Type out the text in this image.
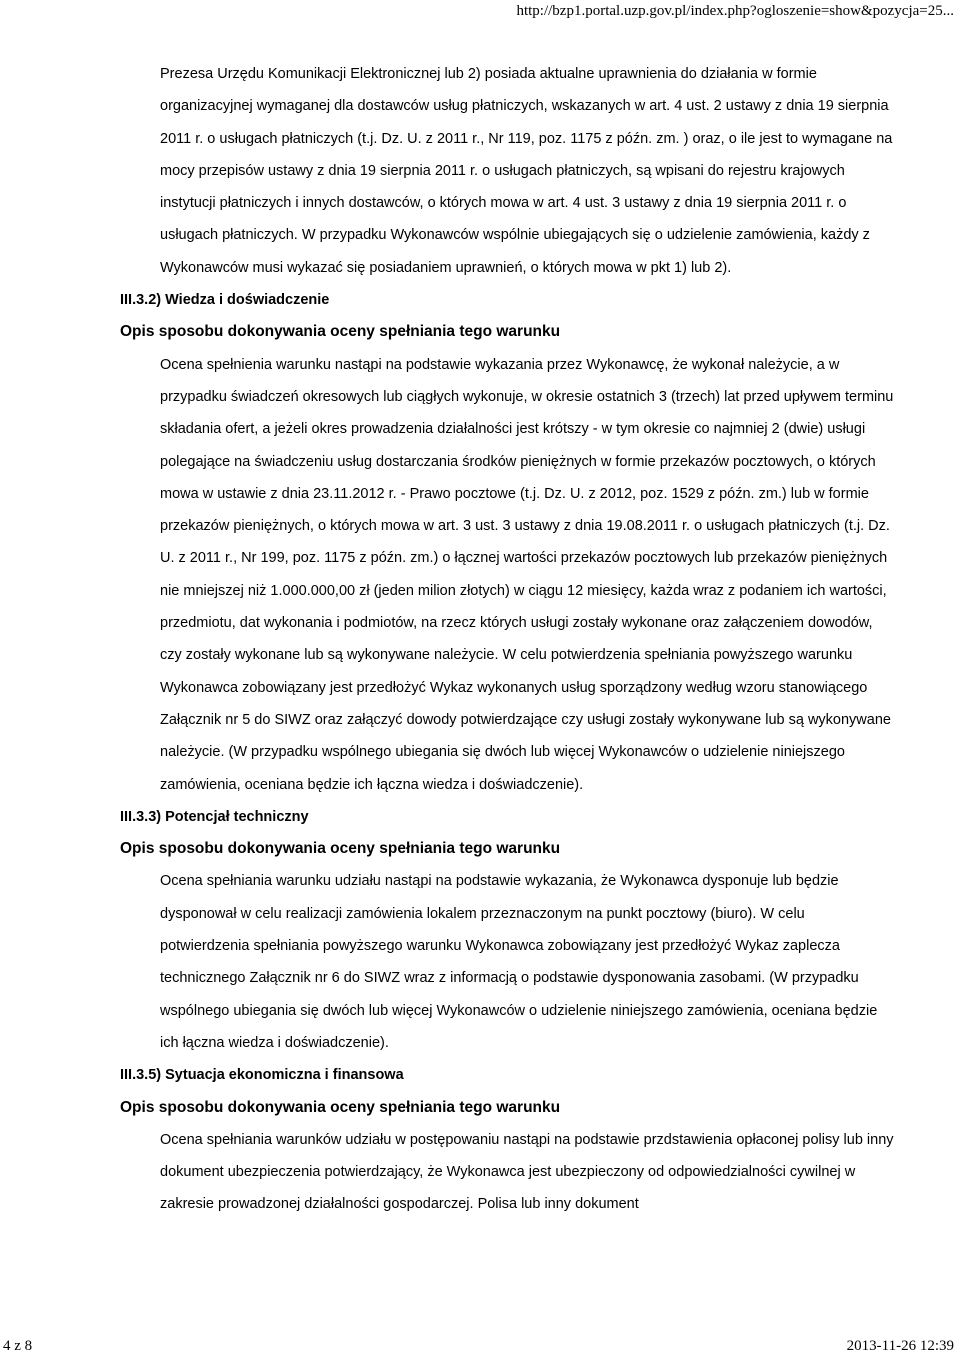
http://bzp1.portal.uzp.gov.pl/index.php?ogloszenie=show&pozycja=25...

Prezesa Urzędu Komunikacji Elektronicznej lub 2) posiada aktualne uprawnienia do działania w formie organizacyjnej wymaganej dla dostawców usług płatniczych, wskazanych w art. 4 ust. 2 ustawy z dnia 19 sierpnia 2011 r. o usługach płatniczych (t.j. Dz. U. z 2011 r., Nr 119, poz. 1175 z późn. zm. ) oraz, o ile jest to wymagane na mocy przepisów ustawy z dnia 19 sierpnia 2011 r. o usługach płatniczych, są wpisani do rejestru krajowych instytucji płatniczych i innych dostawców, o których mowa w art. 4 ust. 3 ustawy z dnia 19 sierpnia 2011 r. o usługach płatniczych. W przypadku Wykonawców wspólnie ubiegających się o udzielenie zamówienia, każdy z Wykonawców musi wykazać się posiadaniem uprawnień, o których mowa w pkt 1) lub 2).

III.3.2) Wiedza i doświadczenie
Opis sposobu dokonywania oceny spełniania tego warunku

Ocena spełnienia warunku nastąpi na podstawie wykazania przez Wykonawcę, że wykonał należycie, a w przypadku świadczeń okresowych lub ciągłych wykonuje, w okresie ostatnich 3 (trzech) lat przed upływem terminu składania ofert, a jeżeli okres prowadzenia działalności jest krótszy - w tym okresie co najmniej 2 (dwie) usługi polegające na świadczeniu usług dostarczania środków pieniężnych w formie przekazów pocztowych, o których mowa w ustawie z dnia 23.11.2012 r. - Prawo pocztowe (t.j. Dz. U. z 2012, poz. 1529 z późn. zm.) lub w formie przekazów pieniężnych, o których mowa w art. 3 ust. 3 ustawy z dnia 19.08.2011 r. o usługach płatniczych (t.j. Dz. U. z 2011 r., Nr 199, poz. 1175 z późn. zm.) o łącznej wartości przekazów pocztowych lub przekazów pieniężnych nie mniejszej niż 1.000.000,00 zł (jeden milion złotych) w ciągu 12 miesięcy, każda wraz z podaniem ich wartości, przedmiotu, dat wykonania i podmiotów, na rzecz których usługi zostały wykonane oraz załączeniem dowodów, czy zostały wykonane lub są wykonywane należycie. W celu potwierdzenia spełniania powyższego warunku Wykonawca zobowiązany jest przedłożyć Wykaz wykonanych usług sporządzony według wzoru stanowiącego Załącznik nr 5 do SIWZ oraz załączyć dowody potwierdzające czy usługi zostały wykonywane lub są wykonywane należycie. (W przypadku wspólnego ubiegania się dwóch lub więcej Wykonawców o udzielenie niniejszego zamówienia, oceniana będzie ich łączna wiedza i doświadczenie).

III.3.3) Potencjał techniczny
Opis sposobu dokonywania oceny spełniania tego warunku

Ocena spełniania warunku udziału nastąpi na podstawie wykazania, że Wykonawca dysponuje lub będzie dysponował w celu realizacji zamówienia lokalem przeznaczonym na punkt pocztowy (biuro). W celu potwierdzenia spełniania powyższego warunku Wykonawca zobowiązany jest przedłożyć Wykaz zaplecza technicznego Załącznik nr 6 do SIWZ wraz z informacją o podstawie dysponowania zasobami. (W przypadku wspólnego ubiegania się dwóch lub więcej Wykonawców o udzielenie niniejszego zamówienia, oceniana będzie ich łączna wiedza i doświadczenie).

III.3.5) Sytuacja ekonomiczna i finansowa
Opis sposobu dokonywania oceny spełniania tego warunku

Ocena spełniania warunków udziału w postępowaniu nastąpi na podstawie przdstawienia opłaconej polisy lub inny dokument ubezpieczenia potwierdzający, że Wykonawca jest ubezpieczony od odpowiedzialności cywilnej w zakresie prowadzonej działalności gospodarczej. Polisa lub inny dokument

4 z 8	2013-11-26 12:39
